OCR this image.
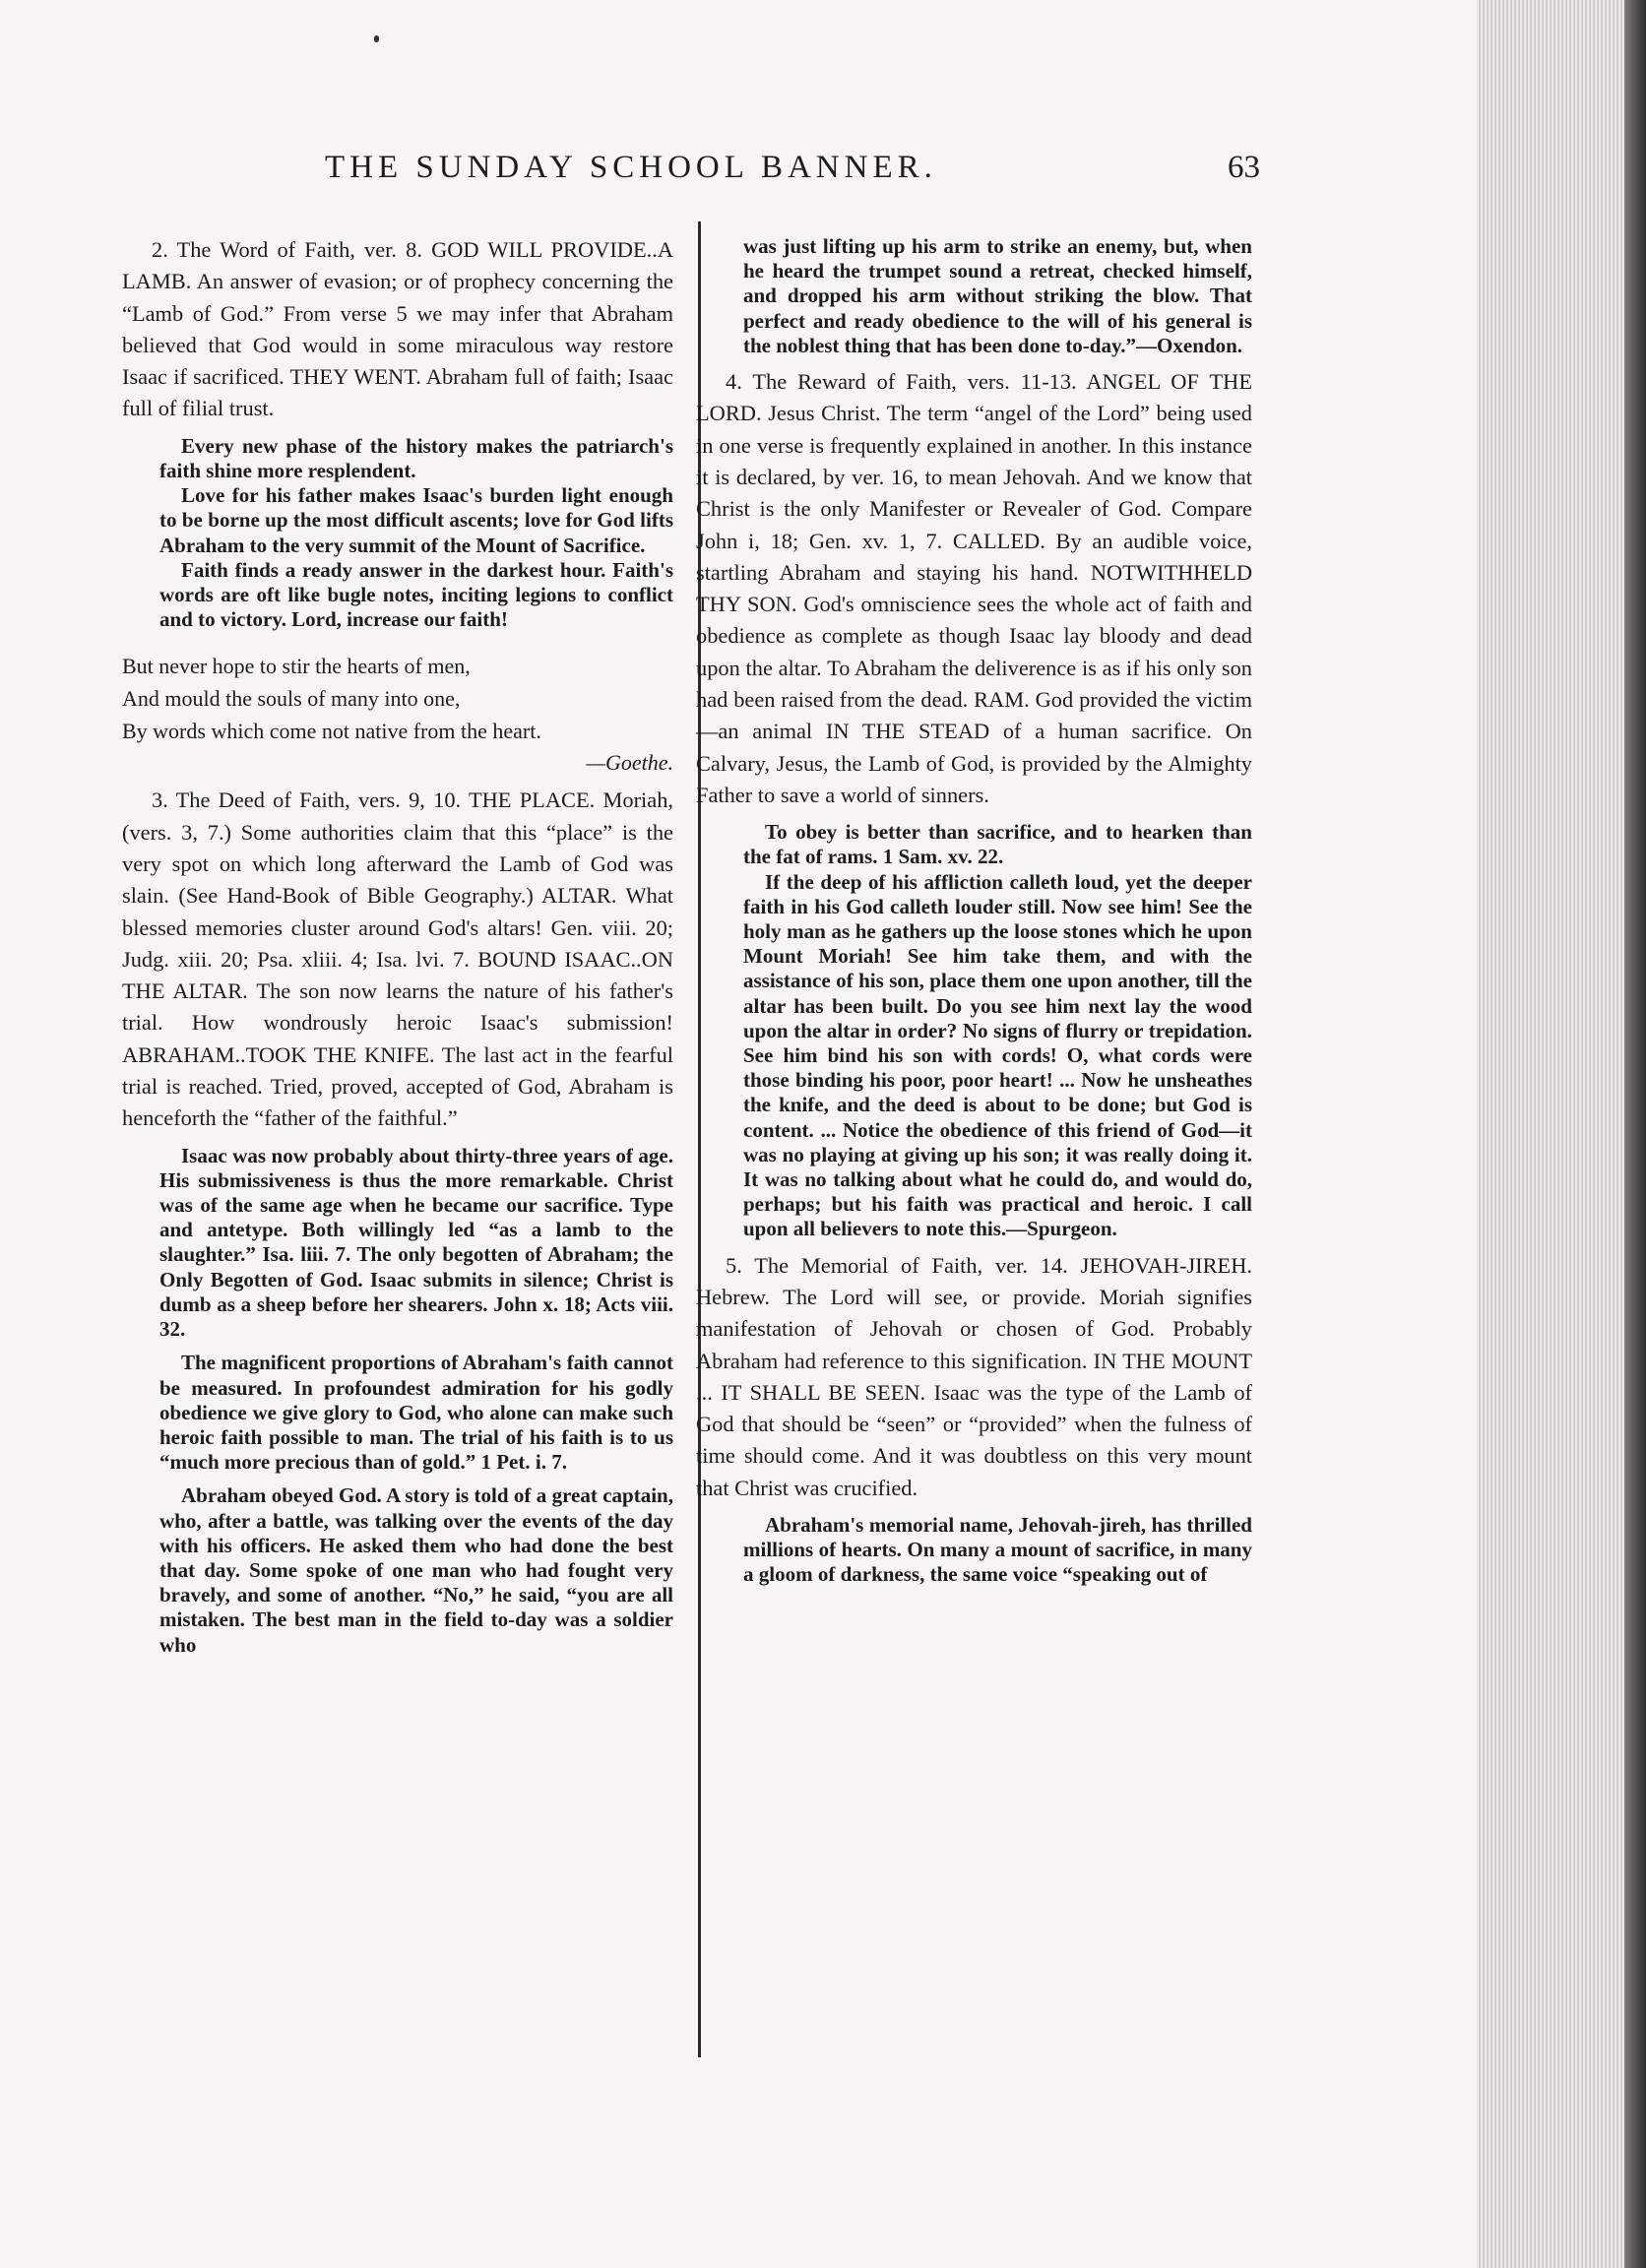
THE SUNDAY SCHOOL BANNER.	63

2. The Word of Faith, ver. 8. GOD WILL PROVIDE..A LAMB. An answer of evasion; or of prophecy concerning the “Lamb of God.” From verse 5 we may infer that Abraham believed that God would in some miraculous way restore Isaac if sacrificed. THEY WENT. Abraham full of faith; Isaac full of filial trust.

Every new phase of the history makes the patriarch's faith shine more resplendent.

Love for his father makes Isaac's burden light enough to be borne up the most difficult ascents; love for God lifts Abraham to the very summit of the Mount of Sacrifice.

Faith finds a ready answer in the darkest hour. Faith's words are oft like bugle notes, inciting legions to conflict and to victory. Lord, increase our faith!

But never hope to stir the hearts of men,

And mould the souls of many into one,

By words which come not native from the heart.

—Goethe.

3. The Deed of Faith, vers. 9, 10. THE PLACE. Moriah, (vers. 3, 7.) Some authorities claim that this “place” is the very spot on which long afterward the Lamb of God was slain. (See Hand-Book of Bible Geography.) ALTAR. What blessed memories cluster around God's altars! Gen. viii. 20; Judg. xiii. 20; Psa. xliii. 4; Isa. lvi. 7. BOUND ISAAC..ON THE ALTAR. The son now learns the nature of his father's trial. How wondrously heroic Isaac's submission! ABRAHAM..TOOK THE KNIFE. The last act in the fearful trial is reached. Tried, proved, accepted of God, Abraham is henceforth the “father of the faithful.”

Isaac was now probably about thirty-three years of age. His submissiveness is thus the more remarkable. Christ was of the same age when he became our sacrifice. Type and antetype. Both willingly led “as a lamb to the slaughter.” Isa. liii. 7. The only begotten of Abraham; the Only Begotten of God. Isaac submits in silence; Christ is dumb as a sheep before her shearers. John x. 18; Acts viii. 32.

The magnificent proportions of Abraham's faith cannot be measured. In profoundest admiration for his godly obedience we give glory to God, who alone can make such heroic faith possible to man. The trial of his faith is to us “much more precious than of gold.” 1 Pet. i. 7.

Abraham obeyed God. A story is told of a great captain, who, after a battle, was talking over the events of the day with his officers. He asked them who had done the best that day. Some spoke of one man who had fought very bravely, and some of another. “No,” he said, “you are all mistaken. The best man in the field to-day was a soldier who

was just lifting up his arm to strike an enemy, but, when he heard the trumpet sound a retreat, checked himself, and dropped his arm without striking the blow. That perfect and ready obedience to the will of his general is the noblest thing that has been done to-day.”—Oxendon.

4. The Reward of Faith, vers. 11-13. ANGEL OF THE LORD. Jesus Christ. The term “angel of the Lord” being used in one verse is frequently explained in another. In this instance it is declared, by ver. 16, to mean Jehovah. And we know that Christ is the only Manifester or Revealer of God. Compare John i, 18; Gen. xv. 1, 7. CALLED. By an audible voice, startling Abraham and staying his hand. NOTWITHHELD THY SON. God's omniscience sees the whole act of faith and obedience as complete as though Isaac lay bloody and dead upon the altar. To Abraham the deliverence is as if his only son had been raised from the dead. RAM. God provided the victim—an animal IN THE STEAD of a human sacrifice. On Calvary, Jesus, the Lamb of God, is provided by the Almighty Father to save a world of sinners.

To obey is better than sacrifice, and to hearken than the fat of rams. 1 Sam. xv. 22.

If the deep of his affliction calleth loud, yet the deeper faith in his God calleth louder still. Now see him! See the holy man as he gathers up the loose stones which he upon Mount Moriah! See him take them, and with the assistance of his son, place them one upon another, till the altar has been built. Do you see him next lay the wood upon the altar in order? No signs of flurry or trepidation. See him bind his son with cords! O, what cords were those binding his poor, poor heart! ... Now he unsheathes the knife, and the deed is about to be done; but God is content. ... Notice the obedience of this friend of God—it was no playing at giving up his son; it was really doing it. It was no talking about what he could do, and would do, perhaps; but his faith was practical and heroic. I call upon all believers to note this.—Spurgeon.

5. The Memorial of Faith, ver. 14. JEHOVAH-JIREH. Hebrew. The Lord will see, or provide. Moriah signifies manifestation of Jehovah or chosen of God. Probably Abraham had reference to this signification. IN THE MOUNT ... IT SHALL BE SEEN. Isaac was the type of the Lamb of God that should be “seen” or “provided” when the fulness of time should come. And it was doubtless on this very mount that Christ was crucified.

Abraham's memorial name, Jehovah-jireh, has thrilled millions of hearts. On many a mount of sacrifice, in many a gloom of darkness, the same voice “speaking out of
